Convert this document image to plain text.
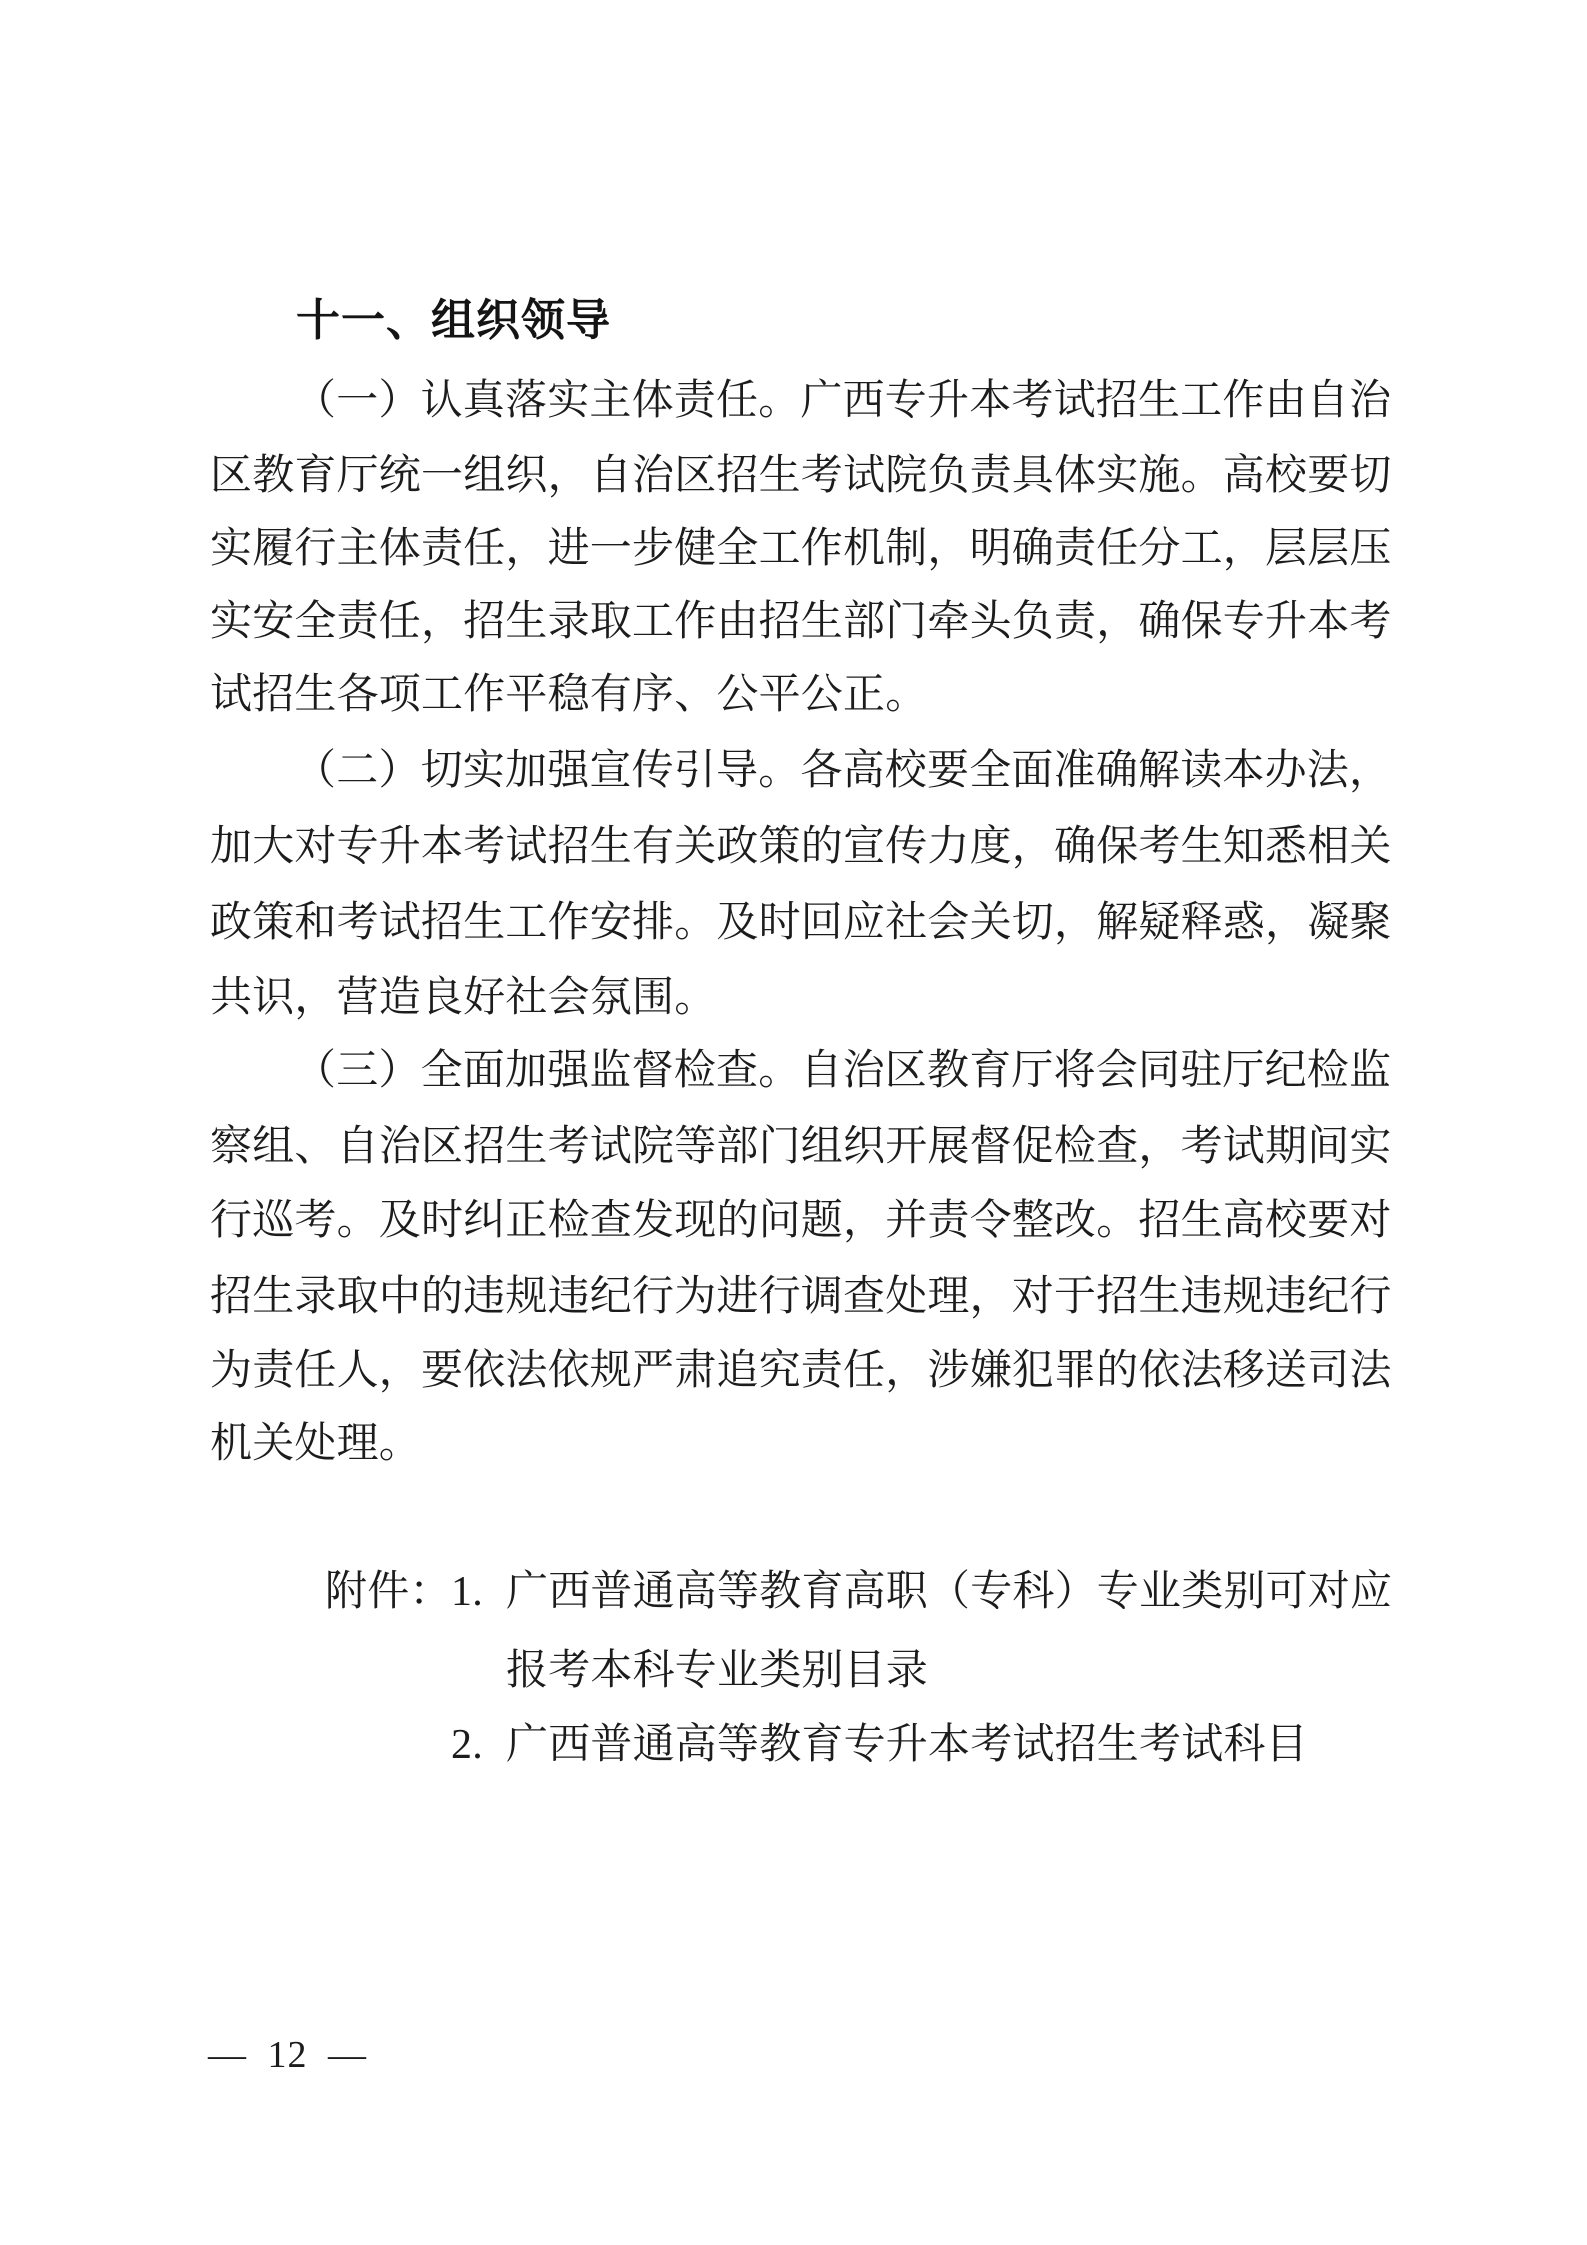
十一、组织领导
（一）认真落实主体责任。广西专升本考试招生工作由自治
区教育厅统一组织，自治区招生考试院负责具体实施。高校要切
实履行主体责任，进一步健全工作机制，明确责任分工，层层压
实安全责任，招生录取工作由招生部门牵头负责，确保专升本考
试招生各项工作平稳有序、公平公正。
（二）切实加强宣传引导。各高校要全面准确解读本办法，
加大对专升本考试招生有关政策的宣传力度，确保考生知悉相关
政策和考试招生工作安排。及时回应社会关切，解疑释惑，凝聚
共识，营造良好社会氛围。
（三）全面加强监督检查。自治区教育厅将会同驻厅纪检监
察组、自治区招生考试院等部门组织开展督促检查，考试期间实
行巡考。及时纠正检查发现的问题，并责令整改。招生高校要对
招生录取中的违规违纪行为进行调查处理，对于招生违规违纪行
为责任人，要依法依规严肃追究责任，涉嫌犯罪的依法移送司法
机关处理。
附件：1. 广西普通高等教育高职（专科）专业类别可对应
报考本科专业类别目录
2. 广西普通高等教育专升本考试招生考试科目
— 12 —
